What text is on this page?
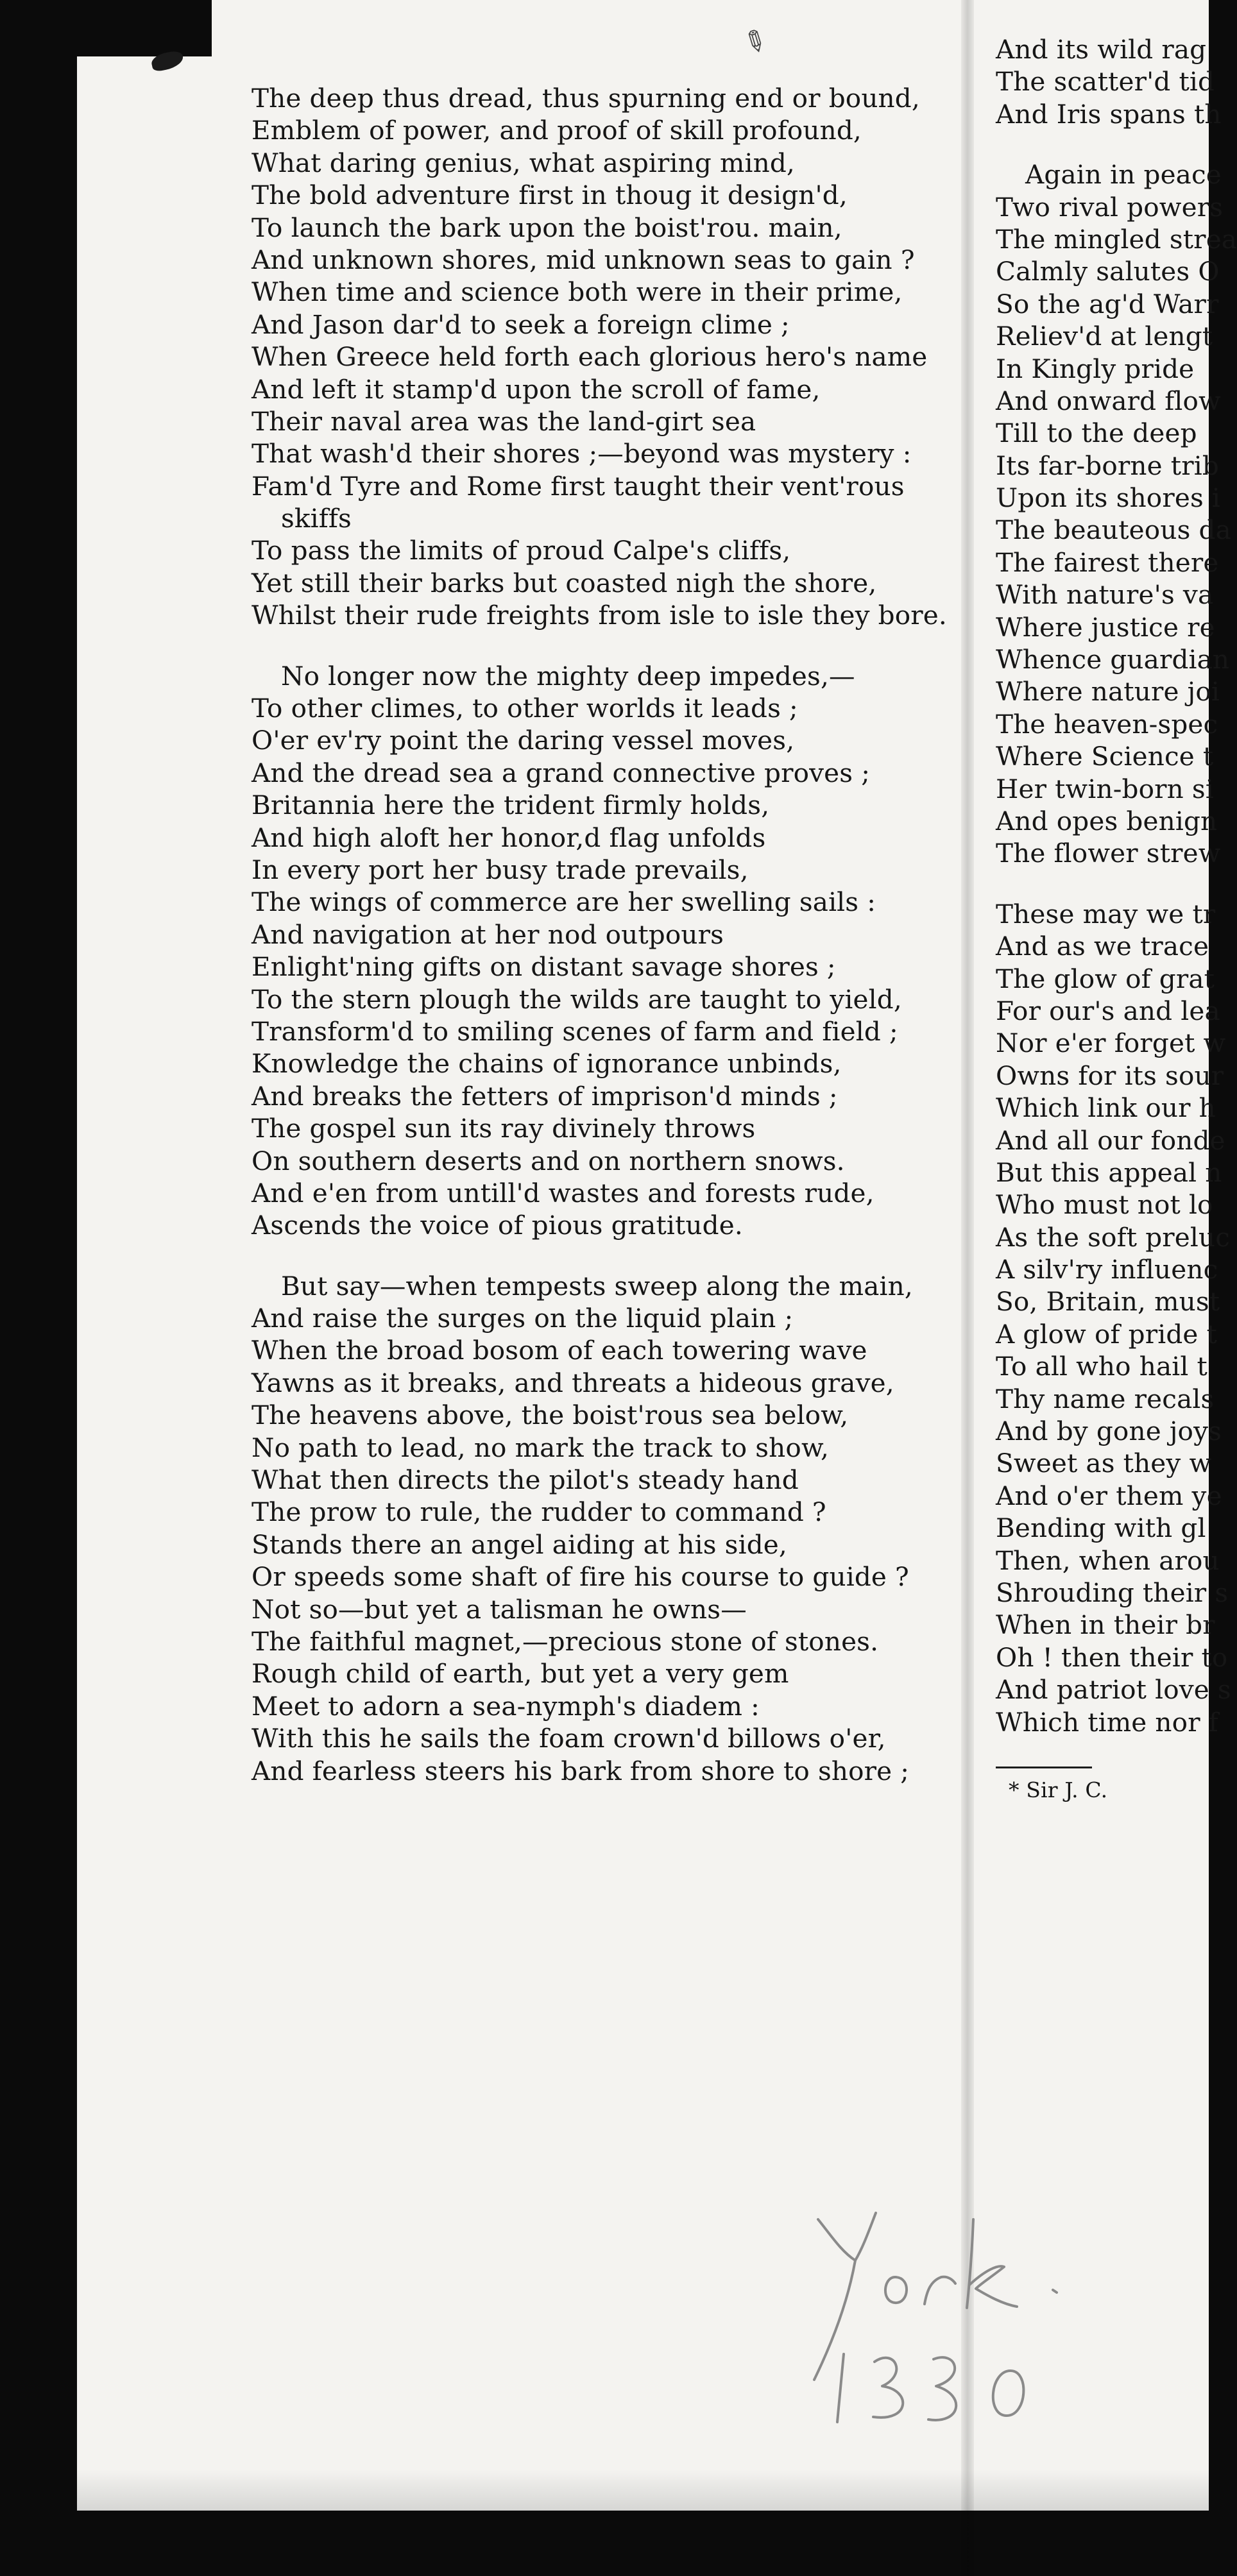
✎
The deep thus dread, thus spurning end or bound,
Emblem of power, and proof of skill profound,
What daring genius, what aspiring mind,
The bold adventure first in thoug it design'd,
To launch the bark upon the boist'rou. main,
And unknown shores, mid unknown seas to gain ?
When time and science both were in their prime,
And Jason dar'd to seek a foreign clime ;
When Greece held forth each glorious hero's name
And left it stamp'd upon the scroll of fame,
Their naval area was the land-girt sea
That wash'd their shores ;—beyond was mystery :
Fam'd Tyre and Rome first taught their vent'rous
skiffs
To pass the limits of proud Calpe's cliffs,
Yet still their barks but coasted nigh the shore,
Whilst their rude freights from isle to isle they bore.
No longer now the mighty deep impedes,—
To other climes, to other worlds it leads ;
O'er ev'ry point the daring vessel moves,
And the dread sea a grand connective proves ;
Britannia here the trident firmly holds,
And high aloft her honor,d flag unfolds
In every port her busy trade prevails,
The wings of commerce are her swelling sails :
And navigation at her nod outpours
Enlight'ning gifts on distant savage shores ;
To the stern plough the wilds are taught to yield,
Transform'd to smiling scenes of farm and field ;
Knowledge the chains of ignorance unbinds,
And breaks the fetters of imprison'd minds ;
The gospel sun its ray divinely throws
On southern deserts and on northern snows.
And e'en from untill'd wastes and forests rude,
Ascends the voice of pious gratitude.
But say—when tempests sweep along the main,
And raise the surges on the liquid plain ;
When the broad bosom of each towering wave
Yawns as it breaks, and threats a hideous grave,
The heavens above, the boist'rous sea below,
No path to lead, no mark the track to show,
What then directs the pilot's steady hand
The prow to rule, the rudder to command ?
Stands there an angel aiding at his side,
Or speeds some shaft of fire his course to guide ?
Not so—but yet a talisman he owns—
The faithful magnet,—precious stone of stones.
Rough child of earth, but yet a very gem
Meet to adorn a sea-nymph's diadem :
With this he sails the foam crown'd billows o'er,
And fearless steers his bark from shore to shore ;
And its wild rag
The scatter'd tid
And Iris spans th
Again in peace
Two rival powers
The mingled strea
Calmly salutes O
So the ag'd Warr
Reliev'd at lengt
In Kingly pride
And onward flow
Till to the deep
Its far-borne trib
Upon its shores i
The beauteous da
The fairest there
With nature's va
Where justice re
Whence guardian
Where nature joi
The heaven-spec
Where Science t
Her twin-born si
And opes benign
The flower strew
These may we tr
And as we trace
The glow of grat
For our's and lea
Nor e'er forget w
Owns for its sour
Which link our h
And all our fonde
But this appeal n
Who must not lo
As the soft preluc
A silv'ry influenc
So, Britain, must
A glow of pride t
To all who hail t
Thy name recals
And by gone joys
Sweet as they w
And o'er them ye
Bending with gl
Then, when arou
Shrouding their s
When in their br
Oh ! then their to
And patriot love s
Which time nor f
* Sir J. C.
York. 1830
